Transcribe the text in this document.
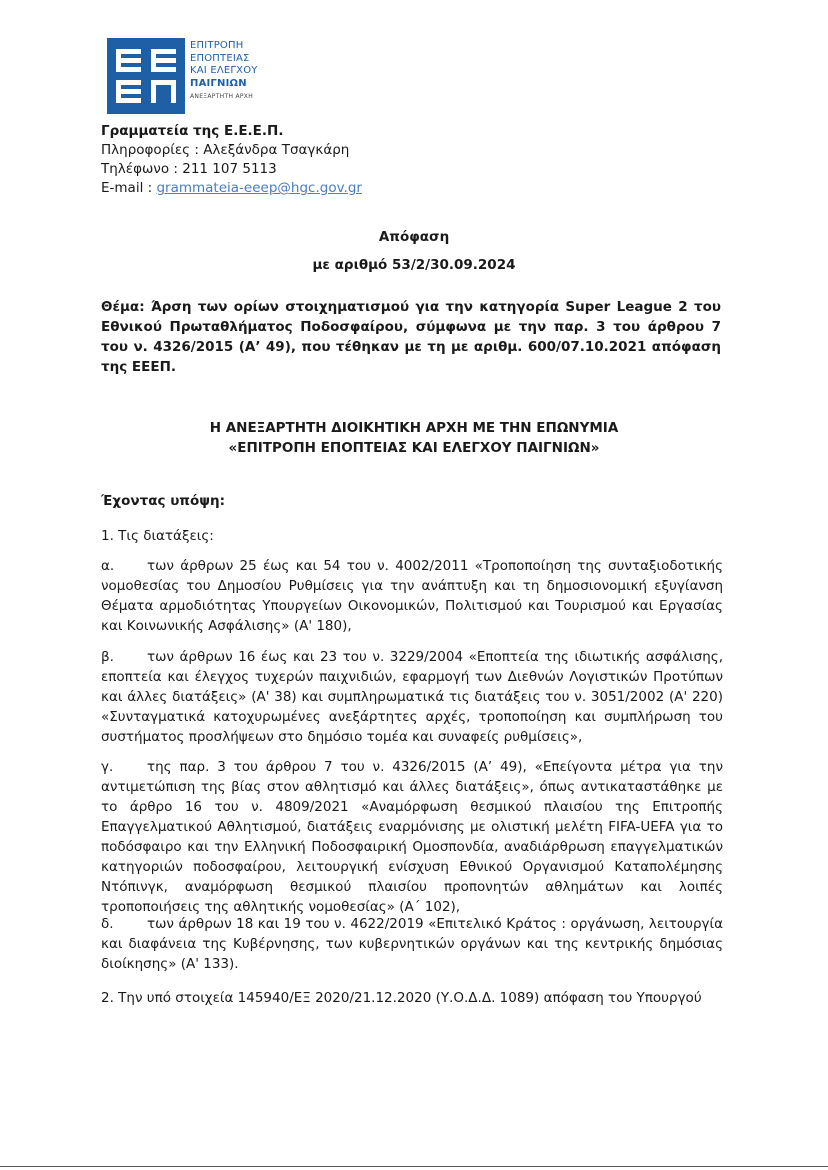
ΕΠΙΤΡΟΠΗ
ΕΠΟΠΤΕΙΑΣ
ΚΑΙ ΕΛΕΓΧΟΥ
ΠΑΙΓΝΙΩΝ
ΑΝΕΞΑΡΤΗΤΗ ΑΡΧΗ
Γραμματεία της Ε.Ε.Ε.Π.
Πληροφορίες : Αλεξάνδρα Τσαγκάρη
Τηλέφωνο : 211 107 5113
E-mail : grammateia-eeep@hgc.gov.gr
Απόφαση
με αριθμό 53/2/30.09.2024
Θέμα: Άρση των ορίων στοιχηματισμού για την κατηγορία Super League 2 του Εθνικού Πρωταθλήματος Ποδοσφαίρου, σύμφωνα με την παρ. 3 του άρθρου 7 του ν. 4326/2015 (Α’ 49), που τέθηκαν με τη με αριθμ. 600/07.10.2021 απόφαση της ΕΕΕΠ.
Η ΑΝΕΞΑΡΤΗΤΗ ΔΙΟΙΚΗΤΙΚΗ ΑΡΧΗ ΜΕ ΤΗΝ ΕΠΩΝΥΜΙΑ
«ΕΠΙΤΡΟΠΗ ΕΠΟΠΤΕΙΑΣ ΚΑΙ ΕΛΕΓΧΟΥ ΠΑΙΓΝΙΩΝ»
Έχοντας υπόψη:
1. Τις διατάξεις:
α. των άρθρων 25 έως και 54 του ν. 4002/2011 «Τροποποίηση της συνταξιοδοτικής νομοθεσίας του Δημοσίου Ρυθμίσεις για την ανάπτυξη και τη δημοσιονομική εξυγίανση Θέματα αρμοδιότητας Υπουργείων Οικονομικών, Πολιτισμού και Τουρισμού και Εργασίας και Κοινωνικής Ασφάλισης» (Α' 180),
β. των άρθρων 16 έως και 23 του ν. 3229/2004 «Εποπτεία της ιδιωτικής ασφάλισης, εποπτεία και έλεγχος τυχερών παιχνιδιών, εφαρμογή των Διεθνών Λογιστικών Προτύπων και άλλες διατάξεις» (Α' 38) και συμπληρωματικά τις διατάξεις του ν. 3051/2002 (Α' 220) «Συνταγματικά κατοχυρωμένες ανεξάρτητες αρχές, τροποποίηση και συμπλήρωση του συστήματος προσλήψεων στο δημόσιο τομέα και συναφείς ρυθμίσεις»,
γ. της παρ. 3 του άρθρου 7 του ν. 4326/2015 (Α’ 49), «Επείγοντα μέτρα για την αντιμετώπιση της βίας στον αθλητισμό και άλλες διατάξεις», όπως αντικαταστάθηκε με το άρθρο 16 του ν. 4809/2021 «Αναμόρφωση θεσμικού πλαισίου της Επιτροπής Επαγγελματικού Αθλητισμού, διατάξεις εναρμόνισης με ολιστική μελέτη FIFA-UEFA για το ποδόσφαιρο και την Ελληνική Ποδοσφαιρική Ομοσπονδία, αναδιάρθρωση επαγγελματικών κατηγοριών ποδοσφαίρου, λειτουργική ενίσχυση Εθνικού Οργανισμού Καταπολέμησης Ντόπινγκ, αναμόρφωση θεσμικού πλαισίου προπονητών αθλημάτων και λοιπές τροποποιήσεις της αθλητικής νομοθεσίας» (Α΄ 102),
δ. των άρθρων 18 και 19 του ν. 4622/2019 «Επιτελικό Κράτος : οργάνωση, λειτουργία και διαφάνεια της Κυβέρνησης, των κυβερνητικών οργάνων και της κεντρικής δημόσιας διοίκησης» (Α' 133).
2. Την υπό στοιχεία 145940/ΕΞ 2020/21.12.2020 (Υ.Ο.Δ.Δ. 1089) απόφαση του Υπουργού
